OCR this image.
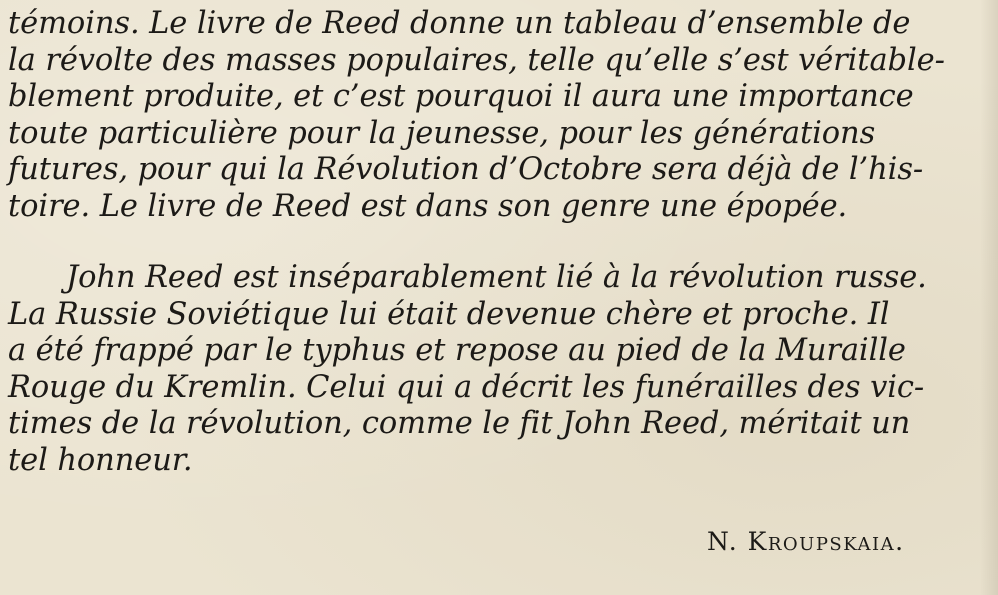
témoins. Le livre de Reed donne un tableau d’ensemble de
la révolte des masses populaires, telle qu’elle s’est véritable-
blement produite, et c’est pourquoi il aura une importance
toute particulière pour la jeunesse, pour les générations
futures, pour qui la Révolution d’Octobre sera déjà de l’his-
toire. Le livre de Reed est dans son genre une épopée.
John Reed est inséparablement lié à la révolution russe.
La Russie Soviétique lui était devenue chère et proche. Il
a été frappé par le typhus et repose au pied de la Muraille
Rouge du Kremlin. Celui qui a décrit les funérailles des vic-
times de la révolution, comme le fit John Reed, méritait un
tel honneur.
N. Kroupskaia.
